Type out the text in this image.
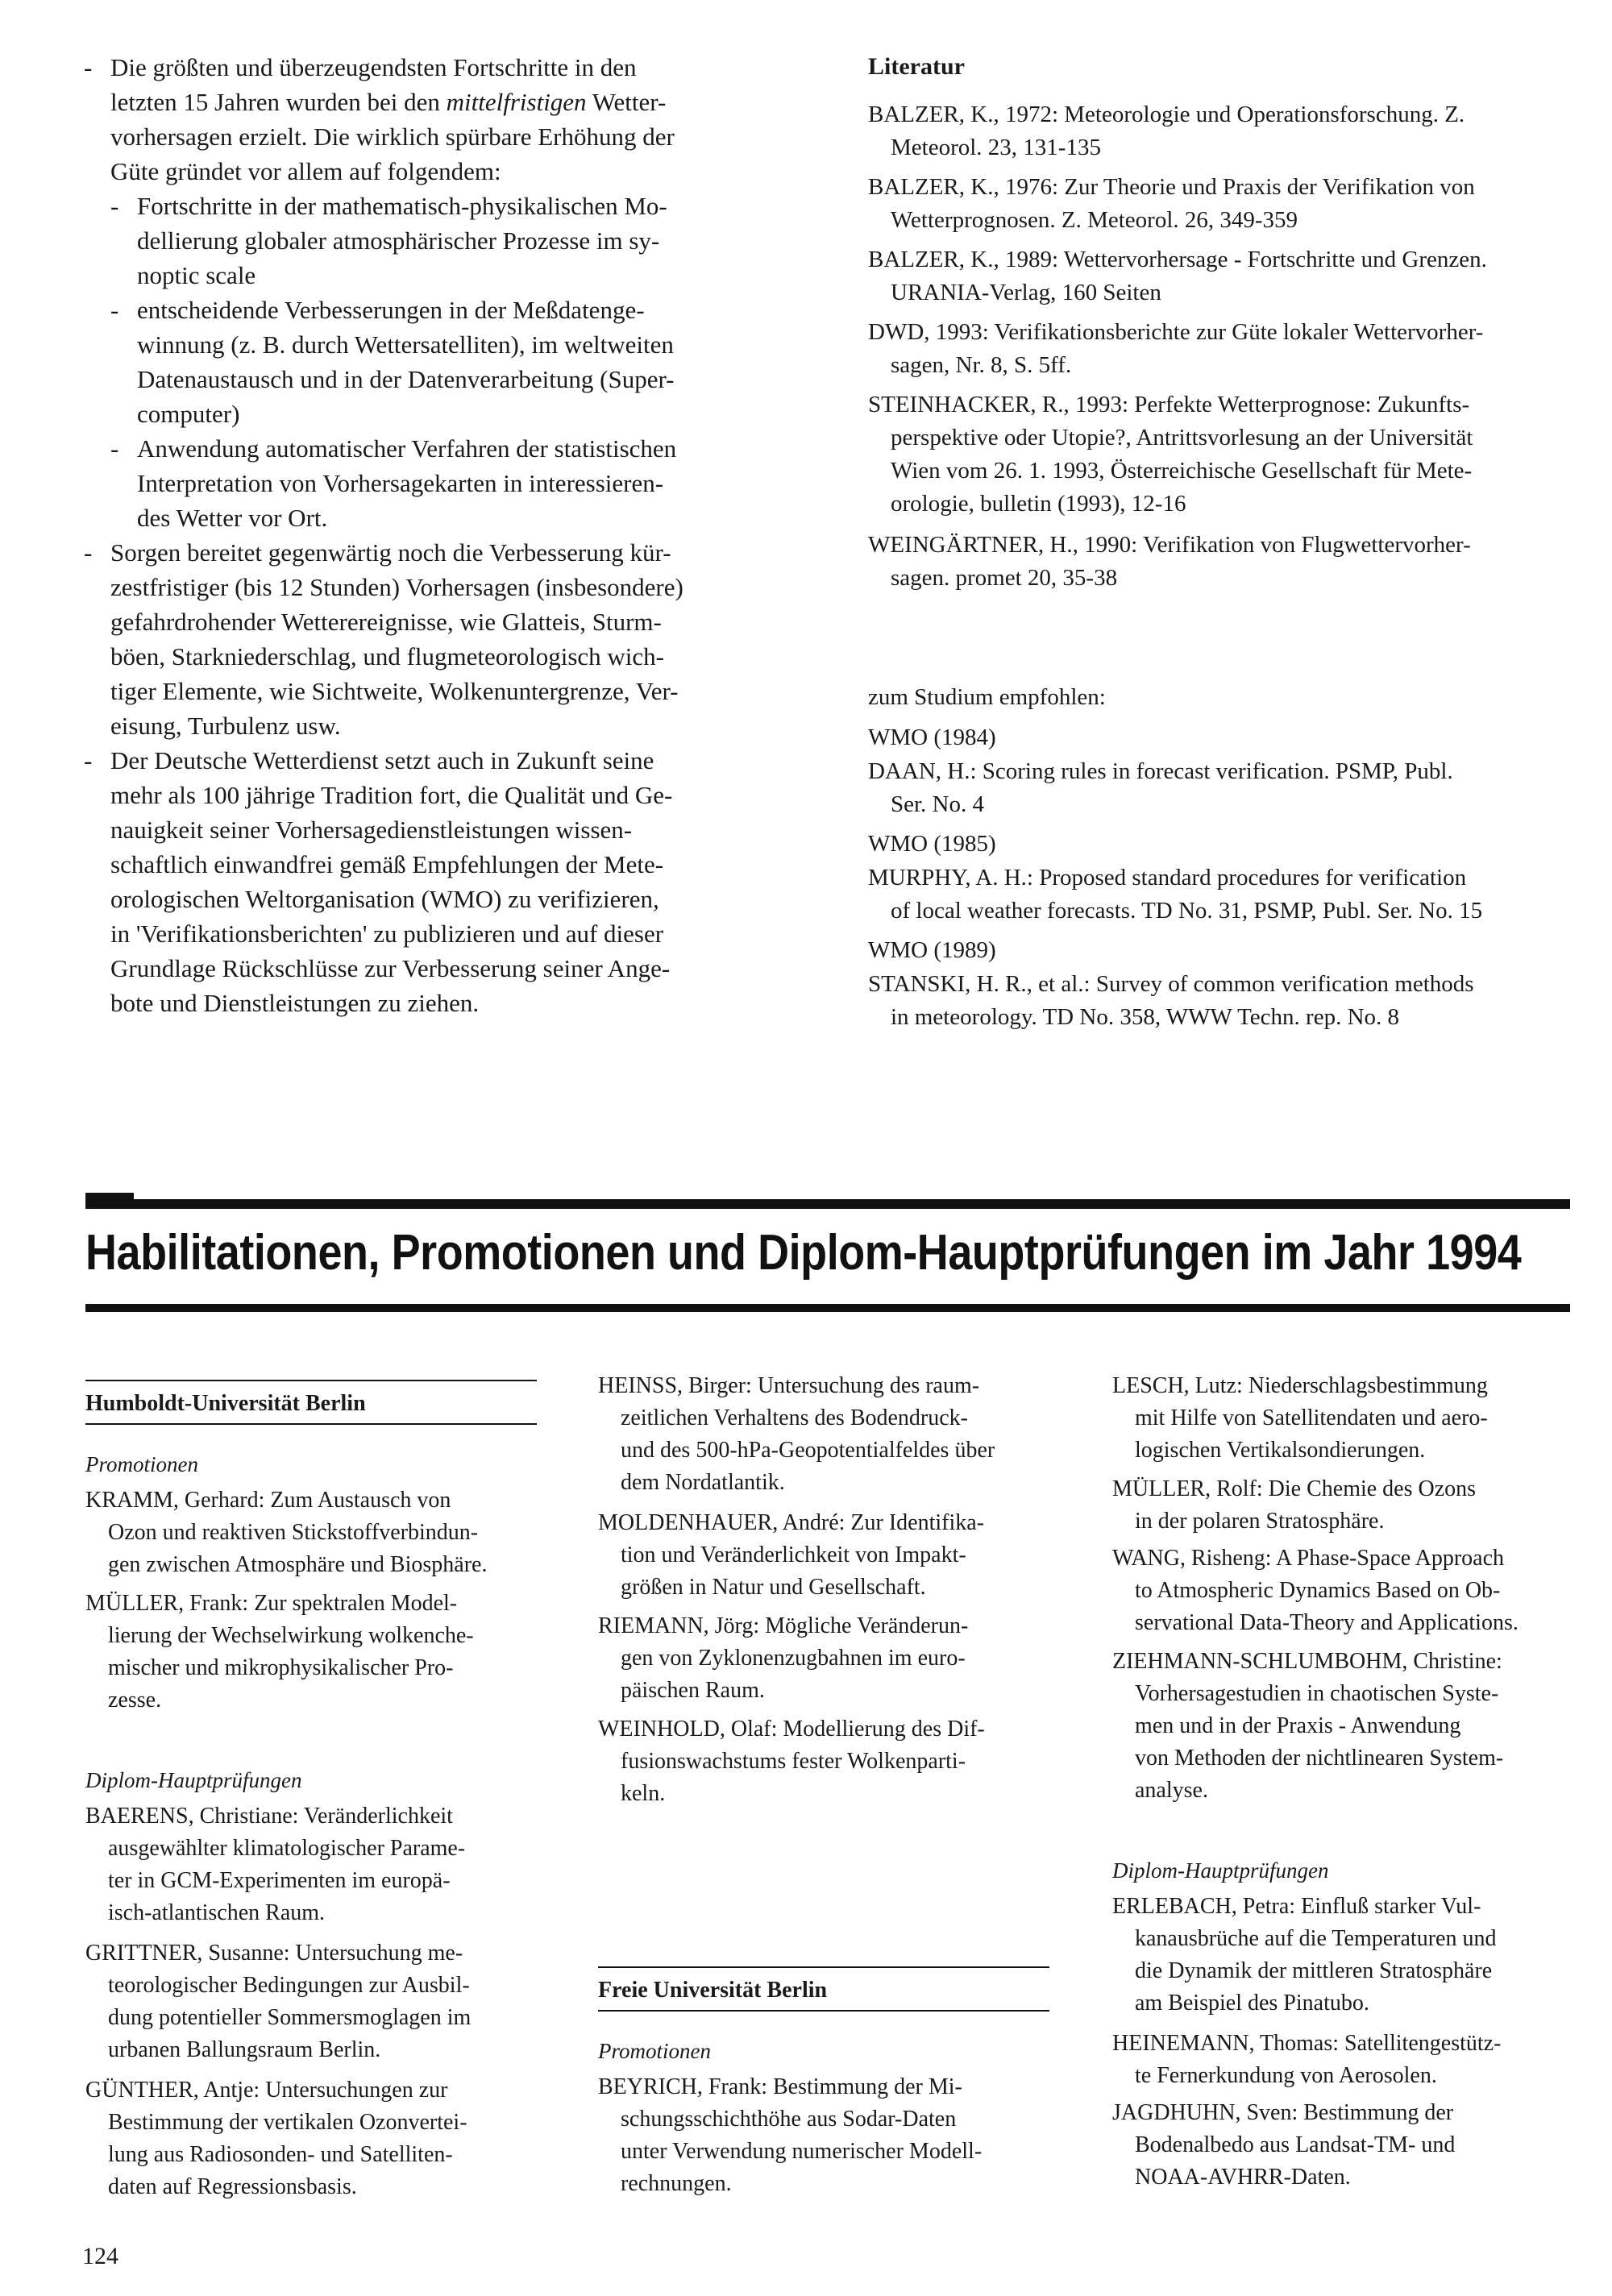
- Die größten und überzeugendsten Fortschritte in den
letzten 15 Jahren wurden bei den mittelfristigen Wetter-
vorhersagen erzielt. Die wirklich spürbare Erhöhung der
Güte gründet vor allem auf folgendem:
- Fortschritte in der mathematisch-physikalischen Mo-
dellierung globaler atmosphärischer Prozesse im sy-
noptic scale
- entscheidende Verbesserungen in der Meßdatenge-
winnung (z. B. durch Wettersatelliten), im weltweiten
Datenaustausch und in der Datenverarbeitung (Super-
computer)
- Anwendung automatischer Verfahren der statistischen
Interpretation von Vorhersagekarten in interessieren-
des Wetter vor Ort.
- Sorgen bereitet gegenwärtig noch die Verbesserung kür-
zestfristiger (bis 12 Stunden) Vorhersagen (insbesondere)
gefahrdrohender Wetterereignisse, wie Glatteis, Sturm-
böen, Starkniederschlag, und flugmeteorologisch wich-
tiger Elemente, wie Sichtweite, Wolkenuntergrenze, Ver-
eisung, Turbulenz usw.
- Der Deutsche Wetterdienst setzt auch in Zukunft seine
mehr als 100 jährige Tradition fort, die Qualität und Ge-
nauigkeit seiner Vorhersagedienstleistungen wissen-
schaftlich einwandfrei gemäß Empfehlungen der Mete-
orologischen Weltorganisation (WMO) zu verifizieren,
in 'Verifikationsberichten' zu publizieren und auf dieser
Grundlage Rückschlüsse zur Verbesserung seiner Ange-
bote und Dienstleistungen zu ziehen.
Literatur
BALZER, K., 1972: Meteorologie und Operationsforschung. Z.
Meteorol. 23, 131-135
BALZER, K., 1976: Zur Theorie und Praxis der Verifikation von
Wetterprognosen. Z. Meteorol. 26, 349-359
BALZER, K., 1989: Wettervorhersage - Fortschritte und Grenzen.
URANIA-Verlag, 160 Seiten
DWD, 1993: Verifikationsberichte zur Güte lokaler Wettervorher-
sagen, Nr. 8, S. 5ff.
STEINHACKER, R., 1993: Perfekte Wetterprognose: Zukunfts-
perspektive oder Utopie?, Antrittsvorlesung an der Universität
Wien vom 26. 1. 1993, Österreichische Gesellschaft für Mete-
orologie, bulletin (1993), 12-16
WEINGÄRTNER, H., 1990: Verifikation von Flugwettervorher-
sagen. promet 20, 35-38
zum Studium empfohlen:
WMO (1984)
DAAN, H.: Scoring rules in forecast verification. PSMP, Publ.
Ser. No. 4
WMO (1985)
MURPHY, A. H.: Proposed standard procedures for verification
of local weather forecasts. TD No. 31, PSMP, Publ. Ser. No. 15
WMO (1989)
STANSKI, H. R., et al.: Survey of common verification methods
in meteorology. TD No. 358, WWW Techn. rep. No. 8
Habilitationen, Promotionen und Diplom-Hauptprüfungen im Jahr 1994
Humboldt-Universität Berlin
Promotionen
KRAMM, Gerhard: Zum Austausch von
Ozon und reaktiven Stickstoffverbindun-
gen zwischen Atmosphäre und Biosphäre.
MÜLLER, Frank: Zur spektralen Model-
lierung der Wechselwirkung wolkenche-
mischer und mikrophysikalischer Pro-
zesse.
Diplom-Hauptprüfungen
BAERENS, Christiane: Veränderlichkeit
ausgewählter klimatologischer Parame-
ter in GCM-Experimenten im europä-
isch-atlantischen Raum.
GRITTNER, Susanne: Untersuchung me-
teorologischer Bedingungen zur Ausbil-
dung potentieller Sommersmoglagen im
urbanen Ballungsraum Berlin.
GÜNTHER, Antje: Untersuchungen zur
Bestimmung der vertikalen Ozonvertei-
lung aus Radiosonden- und Satelliten-
daten auf Regressionsbasis.
HEINSS, Birger: Untersuchung des raum-
zeitlichen Verhaltens des Bodendruck-
und des 500-hPa-Geopotentialfeldes über
dem Nordatlantik.
MOLDENHAUER, André: Zur Identifika-
tion und Veränderlichkeit von Impakt-
größen in Natur und Gesellschaft.
RIEMANN, Jörg: Mögliche Veränderun-
gen von Zyklonenzugbahnen im euro-
päischen Raum.
WEINHOLD, Olaf: Modellierung des Dif-
fusionswachstums fester Wolkenparti-
keln.
Freie Universität Berlin
Promotionen
BEYRICH, Frank: Bestimmung der Mi-
schungsschichthöhe aus Sodar-Daten
unter Verwendung numerischer Modell-
rechnungen.
LESCH, Lutz: Niederschlagsbestimmung
mit Hilfe von Satellitendaten und aero-
logischen Vertikalsondierungen.
MÜLLER, Rolf: Die Chemie des Ozons
in der polaren Stratosphäre.
WANG, Risheng: A Phase-Space Approach
to Atmospheric Dynamics Based on Ob-
servational Data-Theory and Applications.
ZIEHMANN-SCHLUMBOHM, Christine:
Vorhersagestudien in chaotischen Syste-
men und in der Praxis - Anwendung
von Methoden der nichtlinearen System-
analyse.
Diplom-Hauptprüfungen
ERLEBACH, Petra: Einfluß starker Vul-
kanausbrüche auf die Temperaturen und
die Dynamik der mittleren Stratosphäre
am Beispiel des Pinatubo.
HEINEMANN, Thomas: Satellitengestütz-
te Fernerkundung von Aerosolen.
JAGDHUHN, Sven: Bestimmung der
Bodenalbedo aus Landsat-TM- und
NOAA-AVHRR-Daten.
124
